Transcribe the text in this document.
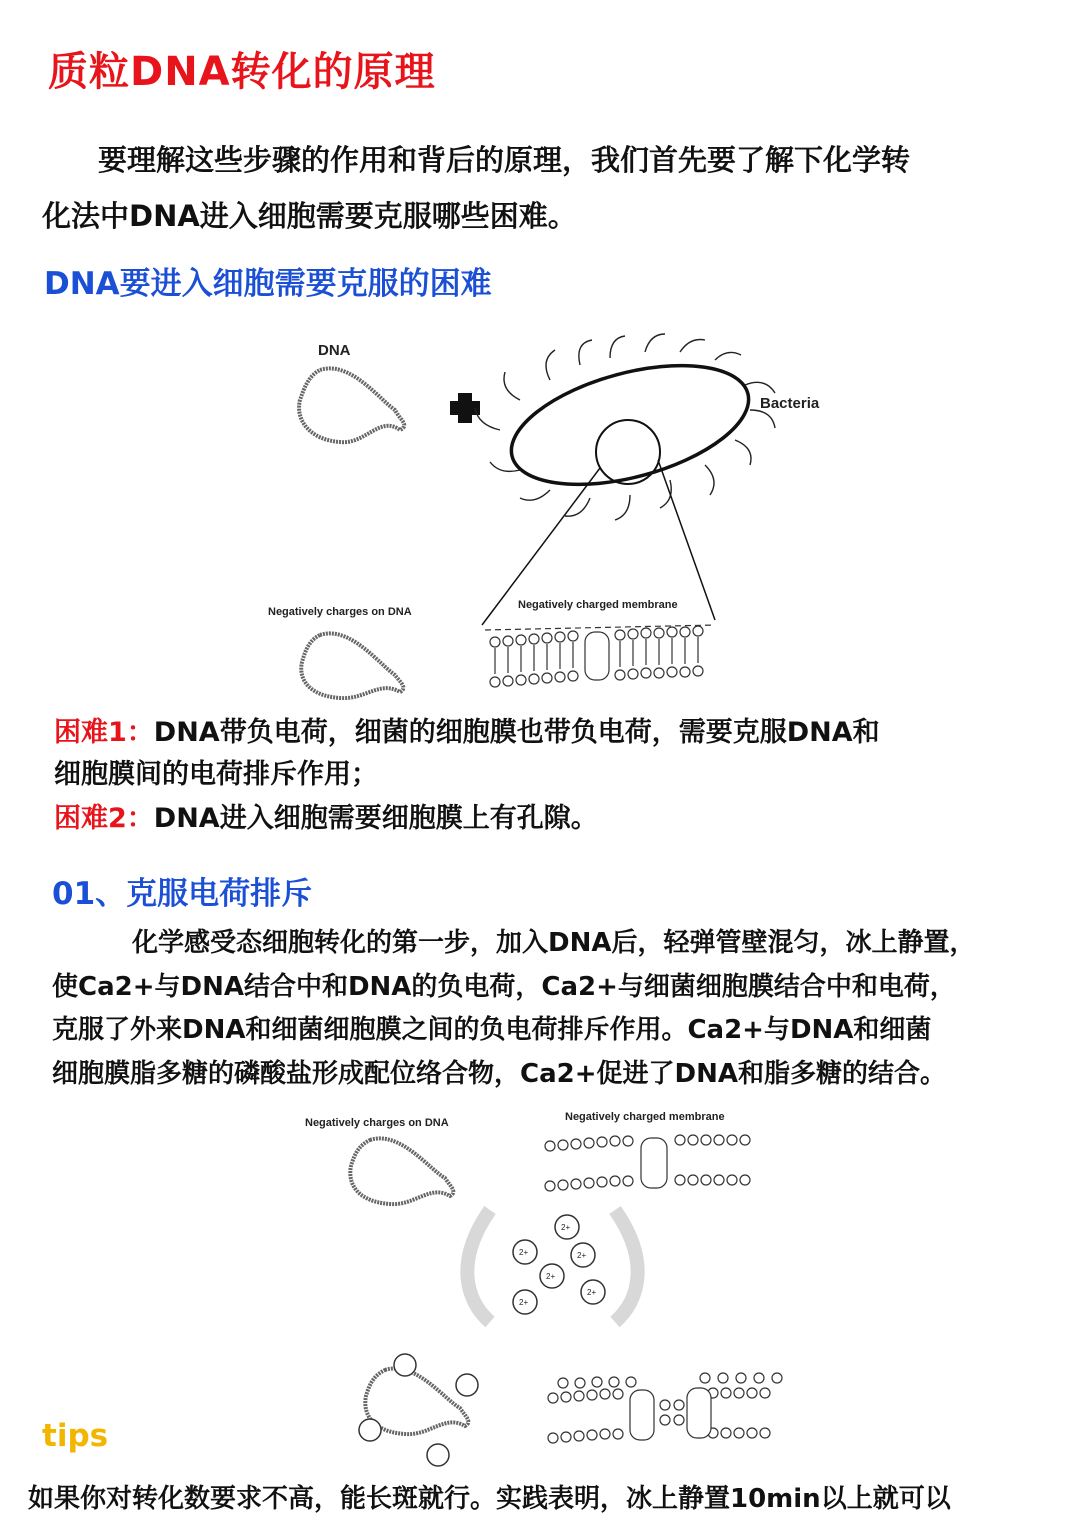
质粒DNA转化的原理
要理解这些步骤的作用和背后的原理，我们首先要了解下化学转
化法中DNA进入细胞需要克服哪些困难。
DNA要进入细胞需要克服的困难
DNA
Bacteria
Negatively charges on DNA
Negatively charged membrane
困难1：DNA带负电荷，细菌的细胞膜也带负电荷，需要克服DNA和
细胞膜间的电荷排斥作用；
困难2：DNA进入细胞需要细胞膜上有孔隙。
01、克服电荷排斥
化学感受态细胞转化的第一步，加入DNA后，轻弹管壁混匀，冰上静置，
使Ca2+与DNA结合中和DNA的负电荷，Ca2+与细菌细胞膜结合中和电荷，
克服了外来DNA和细菌细胞膜之间的负电荷排斥作用。Ca2+与DNA和细菌
细胞膜脂多糖的磷酸盐形成配位络合物，Ca2+促进了DNA和脂多糖的结合。
Negatively charges on DNA	Negatively charged membrane
2+
2+	2+
2+
2+
2+
tips
如果你对转化数要求不高，能长斑就行。实践表明，冰上静置10min以上就可以
